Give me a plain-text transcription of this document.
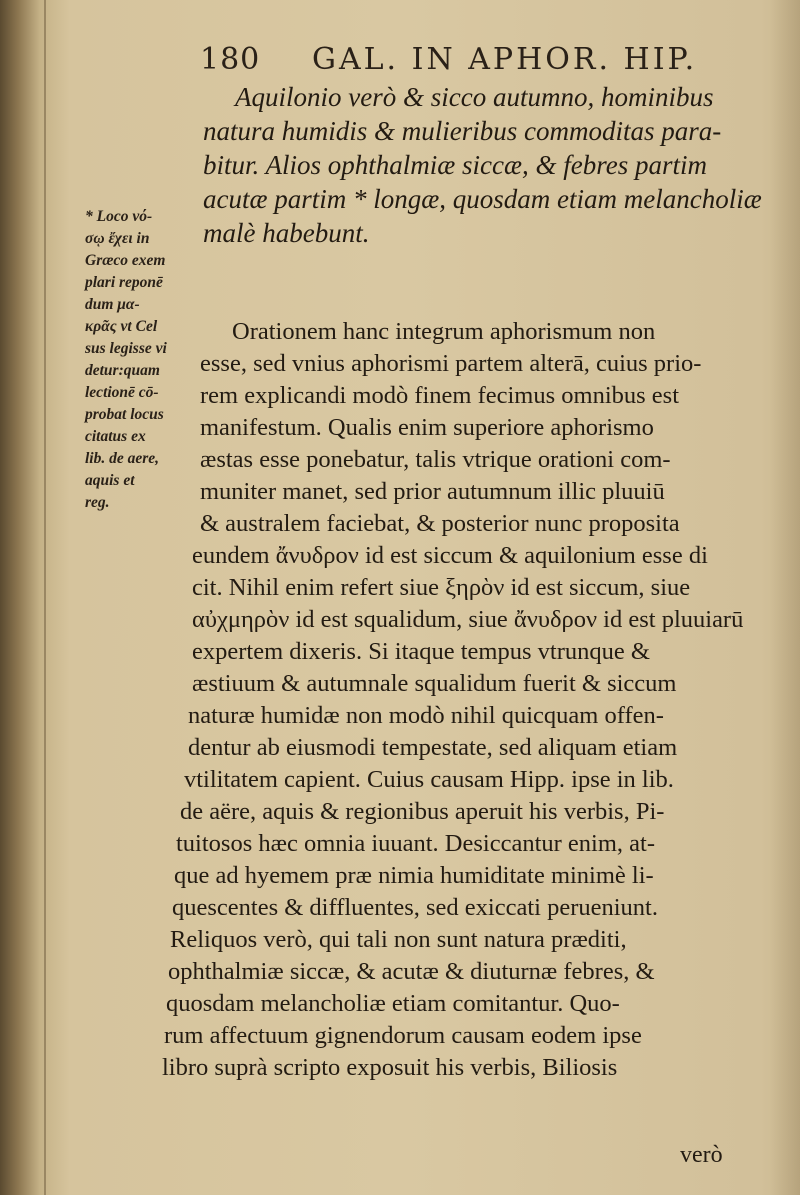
180 GAL. IN APHOR. HIP.
Aquilonio verò & sicco autumno, hominibus
natura humidis & mulieribus commoditas para-
bitur. Alios ophthalmiæ siccæ, & febres partim
acutæ partim * longæ, quosdam etiam melancholiæ
malè habebunt.
* Loco νό-
σῳ ἔχει in
Græco exem
plari reponē
dum μα-
κρᾶς vt Cel
sus legisse vi
detur:quam
lectionē cō-
probat locus
citatus ex
lib. de aere,
aquis et
reg.
Orationem hanc integrum aphorismum non
esse, sed vnius aphorismi partem alterā, cuius prio-
rem explicandi modò finem fecimus omnibus est
manifestum. Qualis enim superiore aphorismo
æstas esse ponebatur, talis vtrique orationi com-
muniter manet, sed prior autumnum illic pluuiū
& australem faciebat, & posterior nunc proposita
eundem ἄνυδρον id est siccum & aquilonium esse di
cit. Nihil enim refert siue ξηρὸν id est siccum, siue
αὐχμηρὸν id est squalidum, siue ἄνυδρον id est pluuiarū
expertem dixeris. Si itaque tempus vtrunque &
æstiuum & autumnale squalidum fuerit & siccum
naturæ humidæ non modò nihil quicquam offen-
dentur ab eiusmodi tempestate, sed aliquam etiam
vtilitatem capient. Cuius causam Hipp. ipse in lib.
de aëre, aquis & regionibus aperuit his verbis, Pi-
tuitosos hæc omnia iuuant. Desiccantur enim, at-
que ad hyemem præ nimia humiditate minimè li-
quescentes & diffluentes, sed exiccati perueniunt.
Reliquos verò, qui tali non sunt natura præditi,
ophthalmiæ siccæ, & acutæ & diuturnæ febres, &
quosdam melancholiæ etiam comitantur. Quo-
rum affectuum gignendorum causam eodem ipse
libro suprà scripto exposuit his verbis, Biliosis
verò
